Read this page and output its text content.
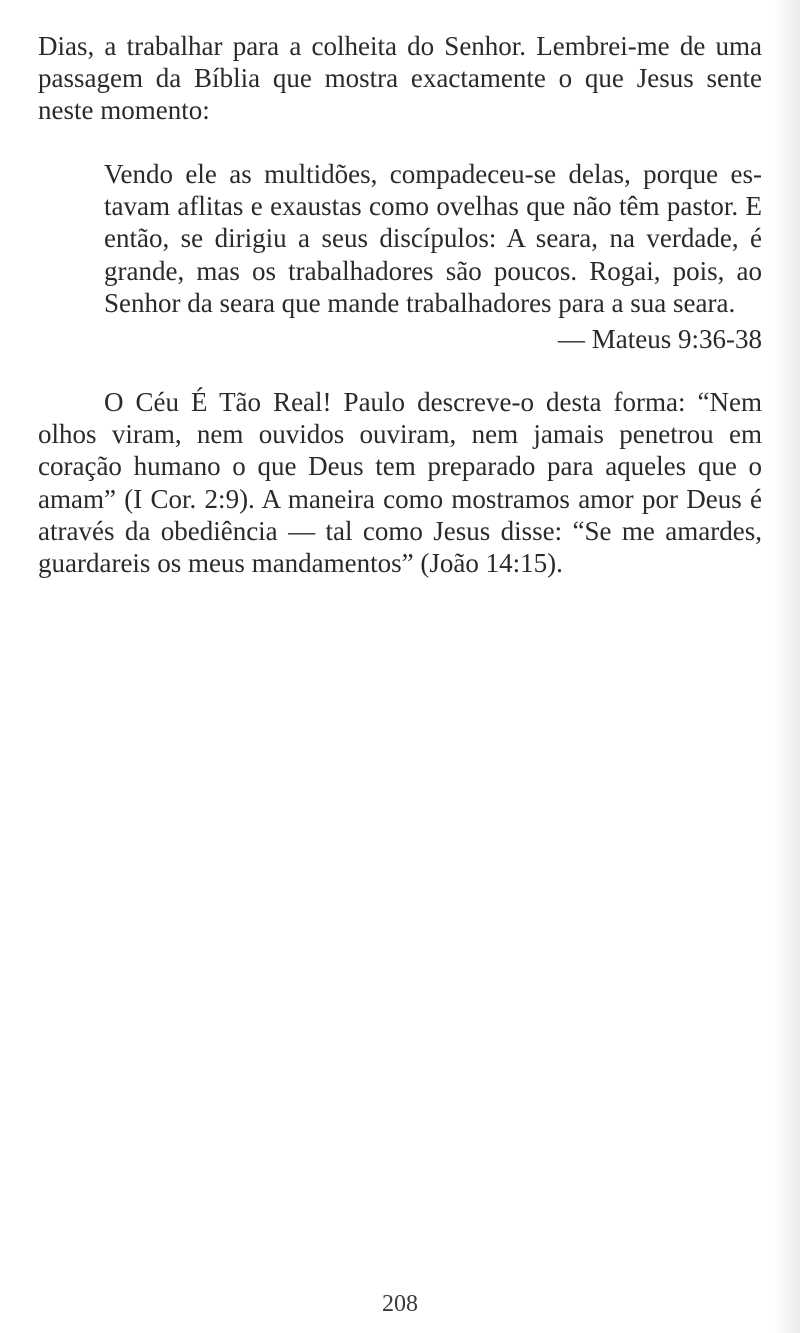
Dias, a trabalhar para a colheita do Senhor. Lembrei-me de uma passagem da Bíblia que mostra exactamente o que Jesus sente neste momento:

Vendo ele as multidões, compadeceu-se delas, porque estavam aflitas e exaustas como ovelhas que não têm pastor. E então, se dirigiu a seus discípulos: A seara, na verdade, é grande, mas os trabalhadores são poucos. Rogai, pois, ao Senhor da seara que mande trabalhadores para a sua seara.

— Mateus 9:36-38

O Céu É Tão Real! Paulo descreve-o desta forma: “Nem olhos viram, nem ouvidos ouviram, nem jamais penetrou em coração humano o que Deus tem preparado para aqueles que o amam” (I Cor. 2:9). A maneira como mostramos amor por Deus é através da obediência — tal como Jesus disse: “Se me amardes, guardareis os meus mandamentos” (João 14:15).

208
